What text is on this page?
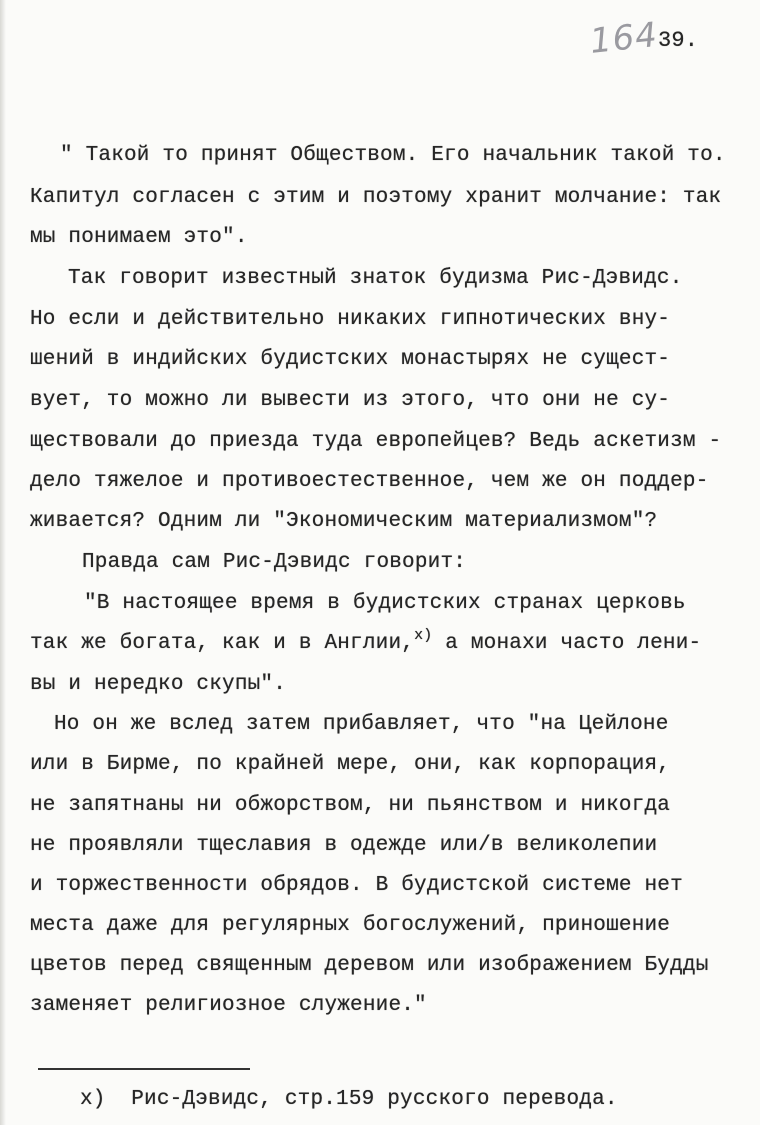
164
39.
" Такой то принят Обществом. Его начальник такой то.
Капитул согласен с этим и поэтому хранит молчание: так
мы понимаем это".
Так говорит известный знаток будизма Рис-Дэвидс.
Но если и действительно никаких гипнотических вну-
шений в индийских будистских монастырях не сущест-
вует, то можно ли вывести из этого, что они не су-
ществовали до приезда туда европейцев? Ведь аскетизм -
дело тяжелое и противоестественное, чем же он поддер-
живается? Одним ли "Экономическим материализмом"?
Правда сам Рис-Дэвидс говорит:
"В настоящее время в будистских странах церковь
так же богата, как и в Англии,$^{x)}$ а монахи часто лени-
вы и нередко скупы".
Но он же вслед затем прибавляет, что "на Цейлоне
или в Бирме, по крайней мере, они, как корпорация,
не запятнаны ни обжорством, ни пьянством и никогда
не проявляли тщеславия в одежде или/в великолепии
и торжественности обрядов. В будистской системе нет
места даже для регулярных богослужений, приношение
цветов перед священным деревом или изображением Будды
заменяет религиозное служение."
x) Рис-Дэвидс, стр.159 русского перевода.
